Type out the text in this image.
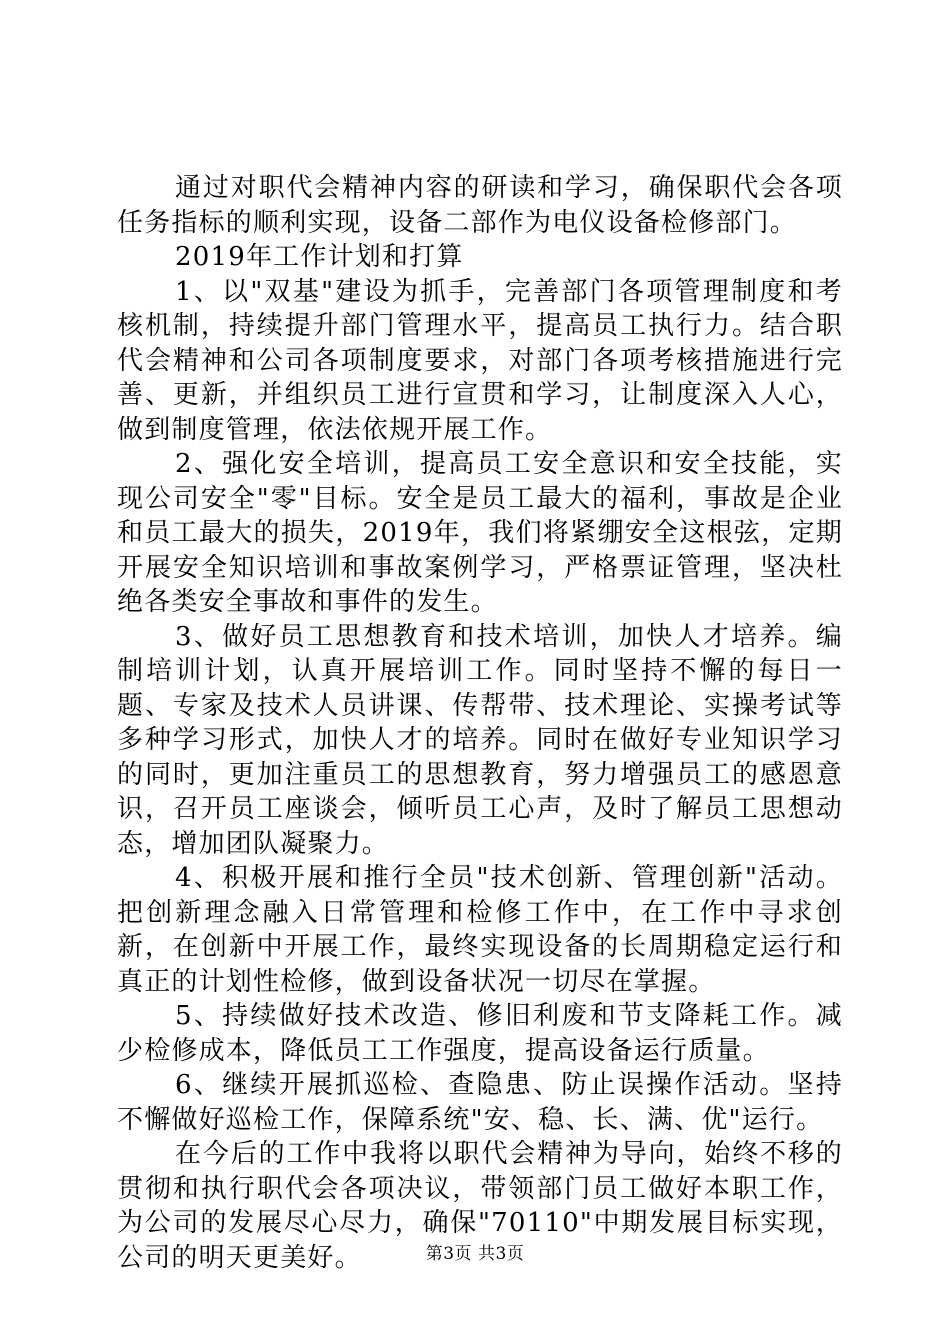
通过对职代会精神内容的研读和学习，确保职代会各项任务指标的顺利实现，设备二部作为电仪设备检修部门。

2019年工作计划和打算

1、以"双基"建设为抓手，完善部门各项管理制度和考核机制，持续提升部门管理水平，提高员工执行力。结合职代会精神和公司各项制度要求，对部门各项考核措施进行完善、更新，并组织员工进行宣贯和学习，让制度深入人心，做到制度管理，依法依规开展工作。

2、强化安全培训，提高员工安全意识和安全技能，实现公司安全"零"目标。安全是员工最大的福利，事故是企业和员工最大的损失，2019年，我们将紧绷安全这根弦，定期开展安全知识培训和事故案例学习，严格票证管理，坚决杜绝各类安全事故和事件的发生。

3、做好员工思想教育和技术培训，加快人才培养。编制培训计划，认真开展培训工作。同时坚持不懈的每日一题、专家及技术人员讲课、传帮带、技术理论、实操考试等多种学习形式，加快人才的培养。同时在做好专业知识学习的同时，更加注重员工的思想教育，努力增强员工的感恩意识，召开员工座谈会，倾听员工心声，及时了解员工思想动态，增加团队凝聚力。

4、积极开展和推行全员"技术创新、管理创新"活动。把创新理念融入日常管理和检修工作中，在工作中寻求创新，在创新中开展工作，最终实现设备的长周期稳定运行和真正的计划性检修，做到设备状况一切尽在掌握。

5、持续做好技术改造、修旧利废和节支降耗工作。减少检修成本，降低员工工作强度，提高设备运行质量。

6、继续开展抓巡检、查隐患、防止误操作活动。坚持不懈做好巡检工作，保障系统"安、稳、长、满、优"运行。

在今后的工作中我将以职代会精神为导向，始终不移的贯彻和执行职代会各项决议，带领部门员工做好本职工作，为公司的发展尽心尽力，确保"70110"中期发展目标实现，公司的明天更美好。	第3页 共3页
